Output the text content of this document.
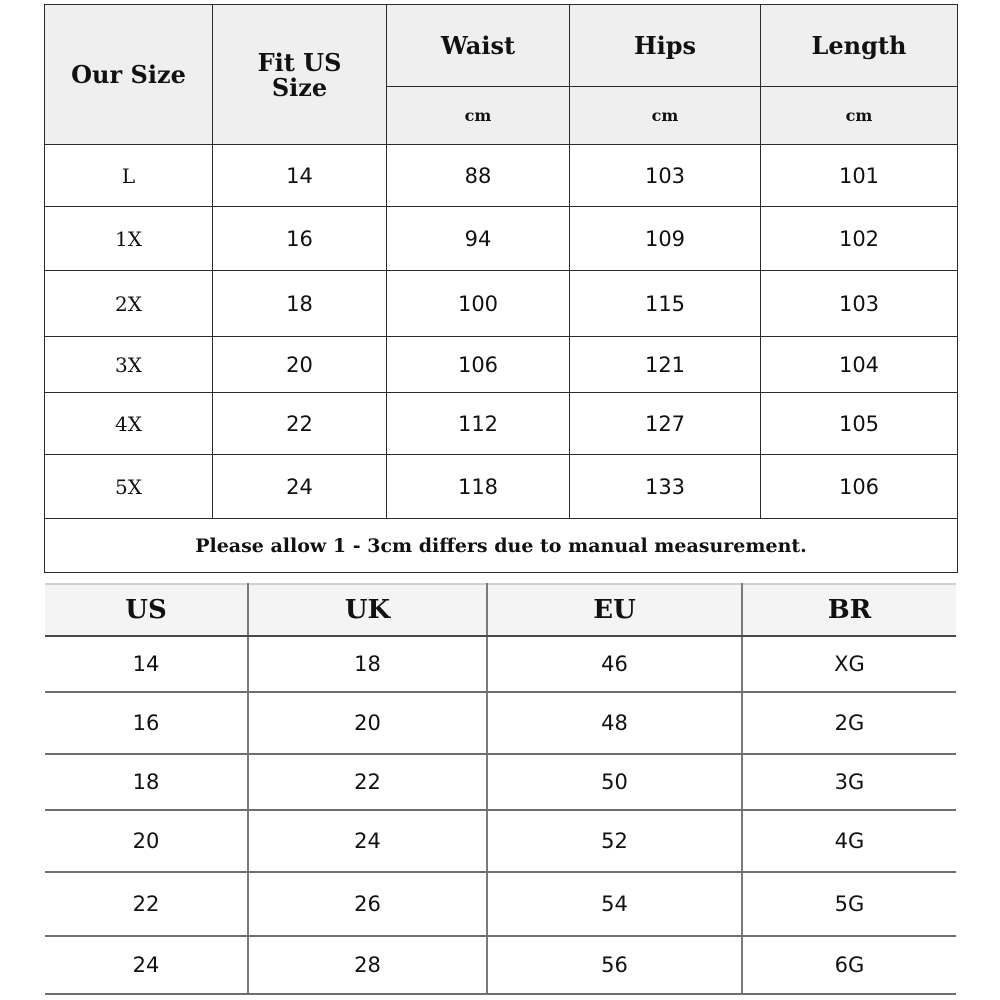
Our Size	Fit US Size	Waist	Hips	Length
		cm	cm	cm
L	14	88	103	101
1X	16	94	109	102
2X	18	100	115	103
3X	20	106	121	104
4X	22	112	127	105
5X	24	118	133	106
Please allow 1 - 3cm differs due to manual measurement.				
US	UK	EU	BR
14	18	46	XG
16	20	48	2G
18	22	50	3G
20	24	52	4G
22	26	54	5G
24	28	56	6G
